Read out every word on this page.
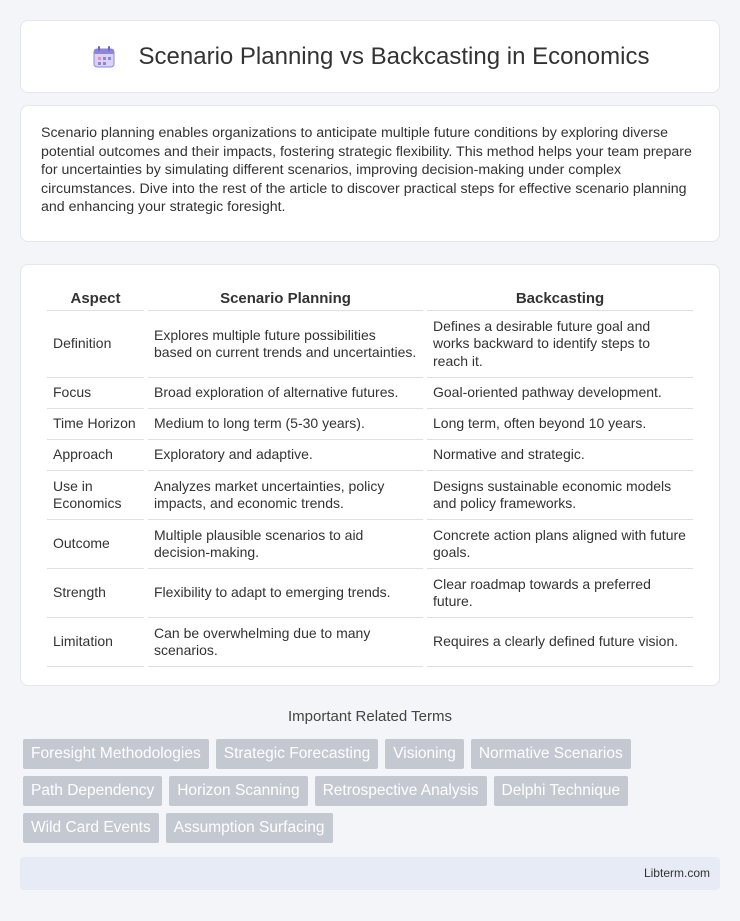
Scenario Planning vs Backcasting in Economics

Scenario planning enables organizations to anticipate multiple future conditions by exploring diverse potential outcomes and their impacts, fostering strategic flexibility. This method helps your team prepare for uncertainties by simulating different scenarios, improving decision-making under complex circumstances. Dive into the rest of the article to discover practical steps for effective scenario planning and enhancing your strategic foresight.

Aspect	Scenario Planning	Backcasting
Definition	Explores multiple future possibilities based on current trends and uncertainties.	Defines a desirable future goal and works backward to identify steps to reach it.
Focus	Broad exploration of alternative futures.	Goal-oriented pathway development.
Time Horizon	Medium to long term (5-30 years).	Long term, often beyond 10 years.
Approach	Exploratory and adaptive.	Normative and strategic.
Use in Economics	Analyzes market uncertainties, policy impacts, and economic trends.	Designs sustainable economic models and policy frameworks.
Outcome	Multiple plausible scenarios to aid decision-making.	Concrete action plans aligned with future goals.
Strength	Flexibility to adapt to emerging trends.	Clear roadmap towards a preferred future.
Limitation	Can be overwhelming due to many scenarios.	Requires a clearly defined future vision.
Important Related Terms
Foresight Methodologies	Strategic Forecasting	Visioning	Normative Scenarios
Path Dependency	Horizon Scanning	Retrospective Analysis	Delphi Technique
Wild Card Events	Assumption Surfacing
Libterm.com
